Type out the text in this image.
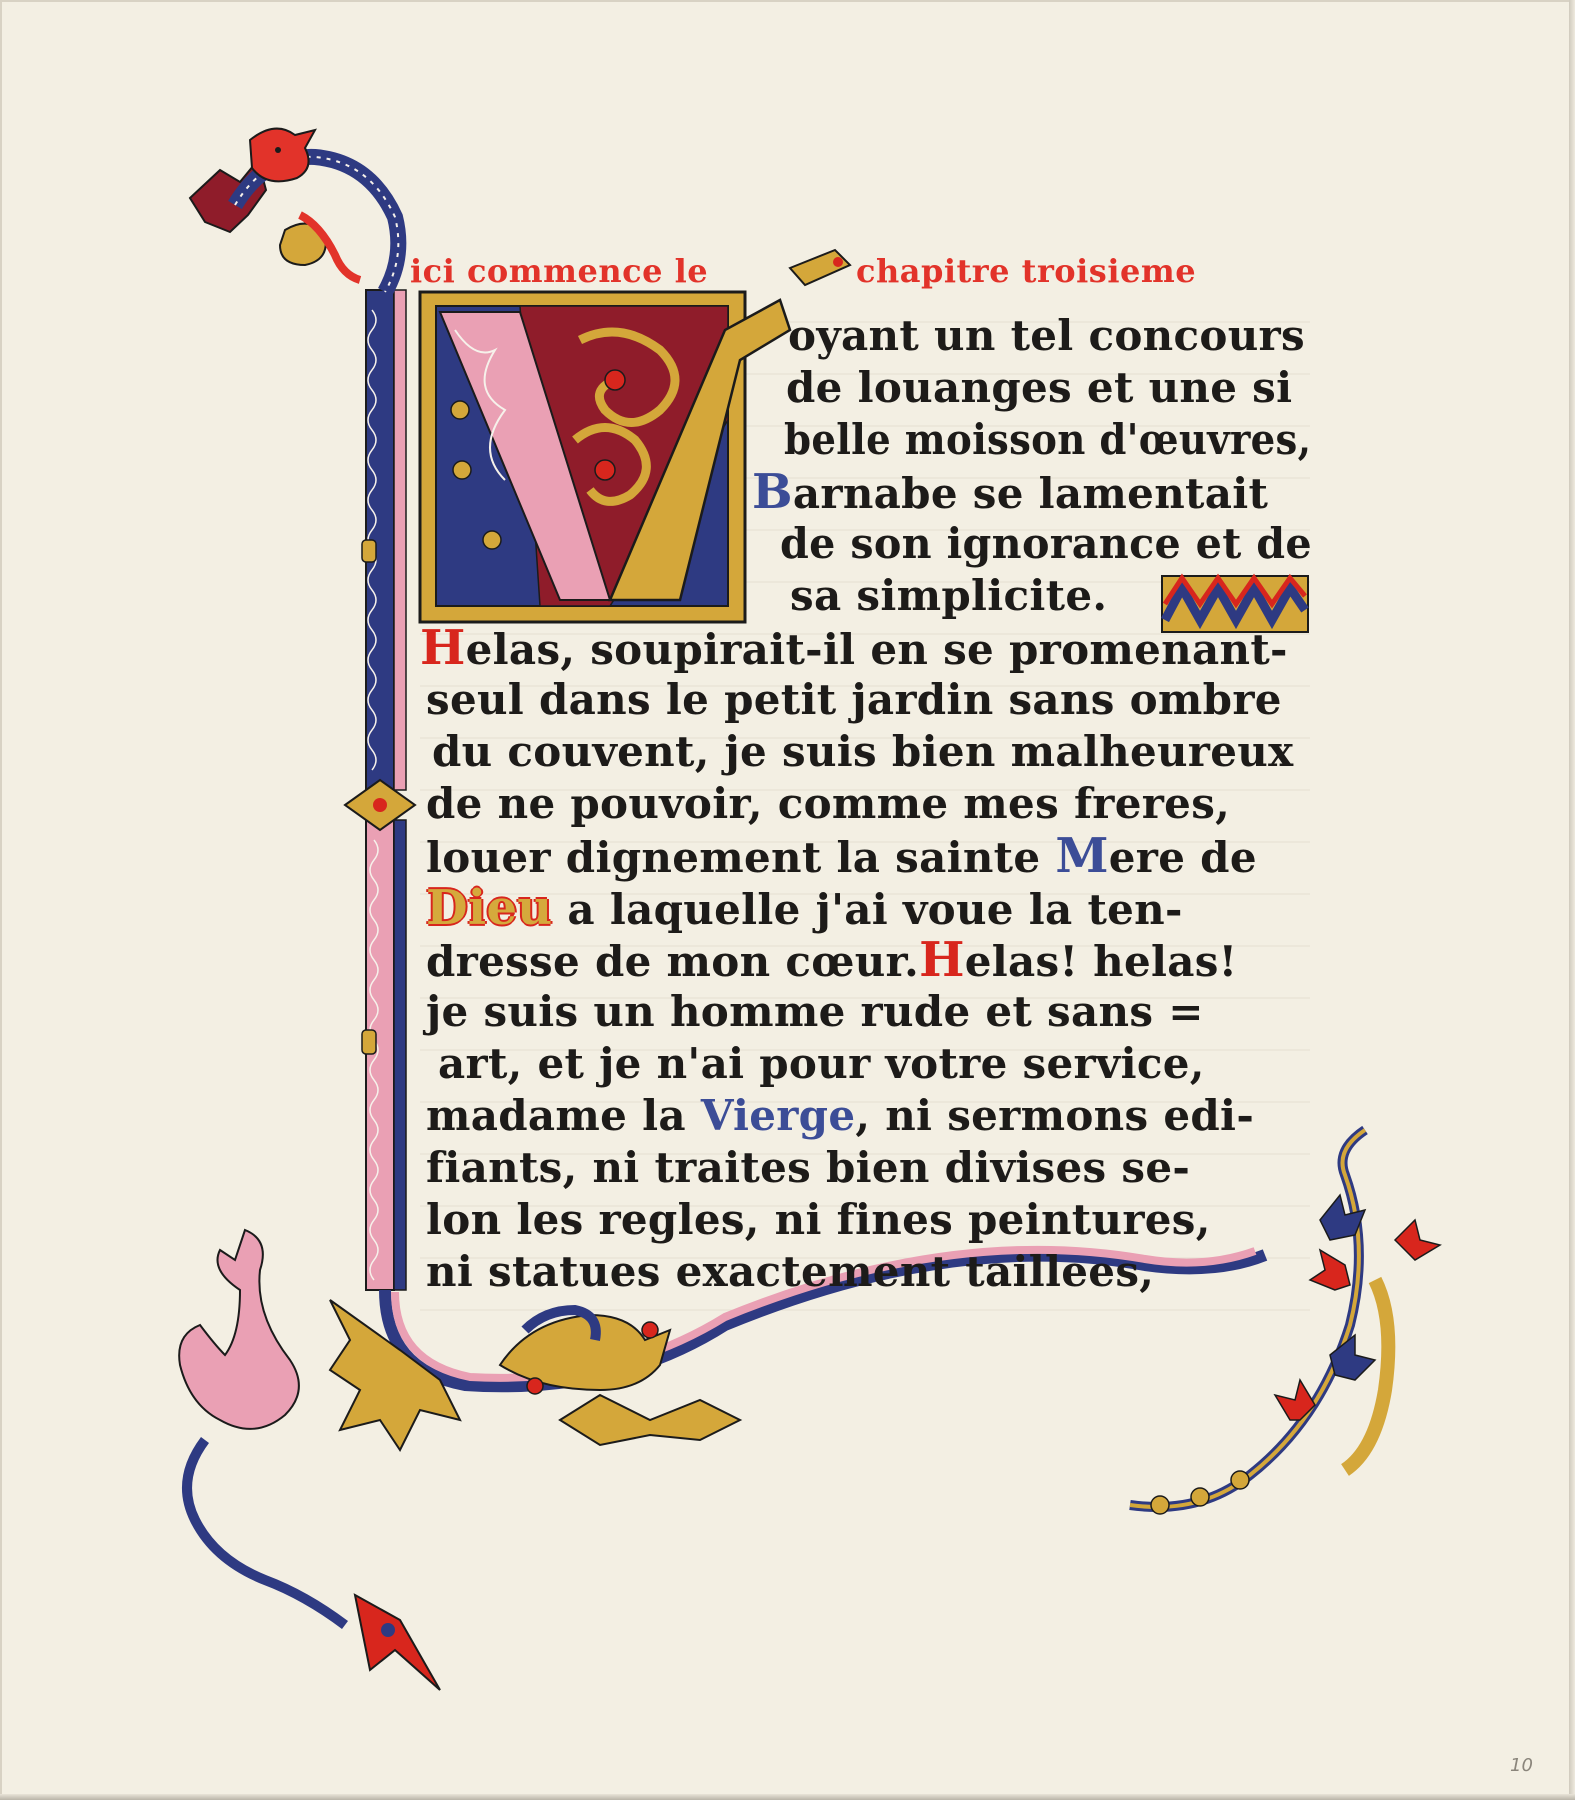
ici commence le	chapitre troisieme
oyant un tel concours
de louanges et une si
belle moisson d'œuvres,
Barnabe se lamentait
de son ignorance et de
sa simplicite.
Helas, soupirait-il en se promenant-
seul dans le petit jardin sans ombre
du couvent, je suis bien malheureux
de ne pouvoir, comme mes freres,
louer dignement la sainte Mere de
Dieu a laquelle j'ai voue la ten-
dresse de mon cœur.Helas! helas!
je suis un homme rude et sans =
art, et je n'ai pour votre service,
madame la Vierge, ni sermons edi-
fiants, ni traites bien divises se-
lon les regles, ni fines peintures,
ni statues exactement taillees,
10
